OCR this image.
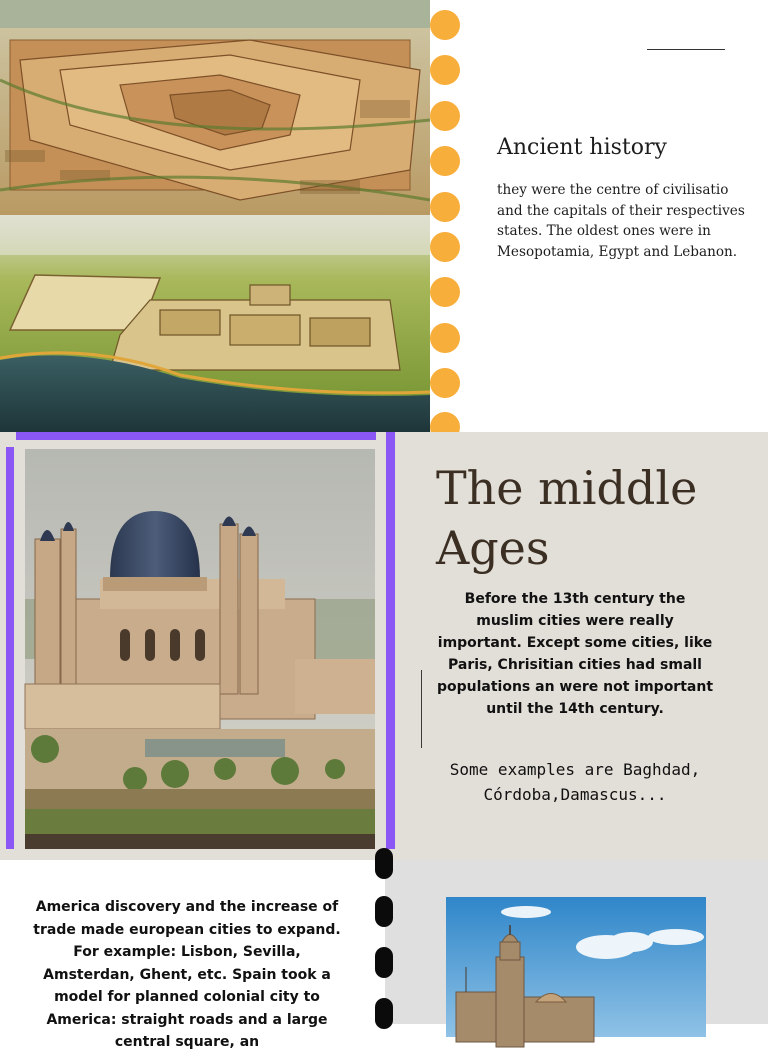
Ancient history
they were the centre of civilisatio and the capitals of their respectives states. The oldest ones were in Mesopotamia, Egypt and Lebanon.
The middle Ages
Before the 13th century the muslim cities were really important. Except some cities, like Paris, Chrisitian cities had small populations an were not important until the 14th century.
Some examples are Baghdad, Córdoba,Damascus...
America discovery and the increase of trade made european cities to expand. For example: Lisbon, Sevilla, Amsterdan, Ghent, etc. Spain took a model for planned colonial city to America: straight roads and a large central square, an
